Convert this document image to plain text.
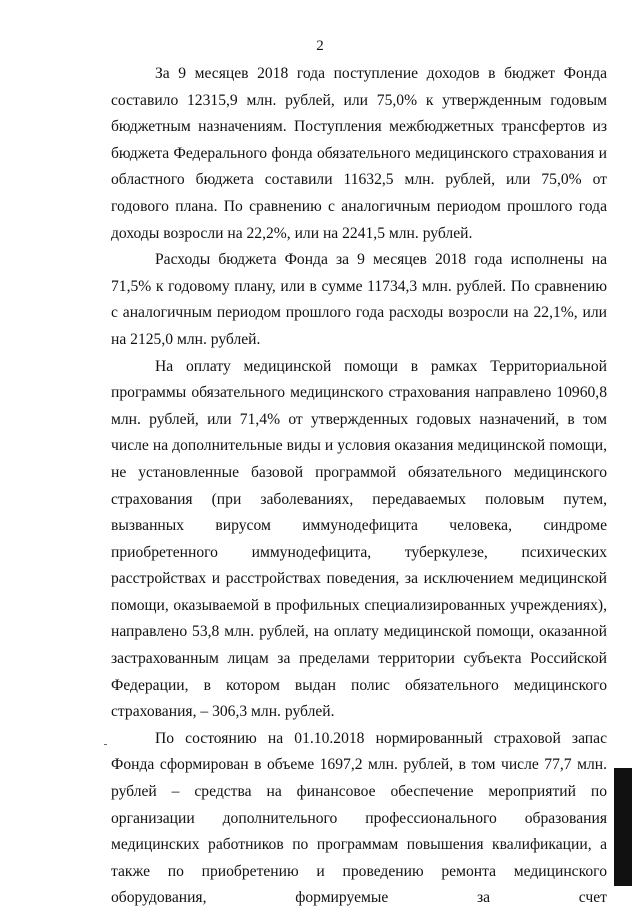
2

За 9 месяцев 2018 года поступление доходов в бюджет Фонда составило 12315,9 млн. рублей, или 75,0% к утвержденным годовым бюджетным назначениям. Поступления межбюджетных трансфертов из бюджета Федерального фонда обязательного медицинского страхования и областного бюджета составили 11632,5 млн. рублей, или 75,0% от годового плана. По сравнению с аналогичным периодом прошлого года доходы возросли на 22,2%, или на 2241,5 млн. рублей.

Расходы бюджета Фонда за 9 месяцев 2018 года исполнены на 71,5% к годовому плану, или в сумме 11734,3 млн. рублей. По сравнению с аналогичным периодом прошлого года расходы возросли на 22,1%, или на 2125,0 млн. рублей.

На оплату медицинской помощи в рамках Территориальной программы обязательного медицинского страхования направлено 10960,8 млн. рублей, или 71,4% от утвержденных годовых назначений, в том числе на дополнительные виды и условия оказания медицинской помощи, не установленные базовой программой обязательного медицинского страхования (при заболеваниях, передаваемых половым путем, вызванных вирусом иммунодефицита человека, синдроме приобретенного иммунодефицита, туберкулезе, психических расстройствах и расстройствах поведения, за исключением медицинской помощи, оказываемой в профильных специализированных учреждениях), направлено 53,8 млн. рублей, на оплату медицинской помощи, оказанной застрахованным лицам за пределами территории субъекта Российской Федерации, в котором выдан полис обязательного медицинского страхования, – 306,3 млн. рублей.

По состоянию на 01.10.2018 нормированный страховой запас Фонда сформирован в объеме 1697,2 млн. рублей, в том числе 77,7 млн. рублей – средства на финансовое обеспечение мероприятий по организации дополнительного профессионального образования медицинских работников по программам повышения квалификации, а также по приобретению и проведению ремонта медицинского оборудования, формируемые за счет
